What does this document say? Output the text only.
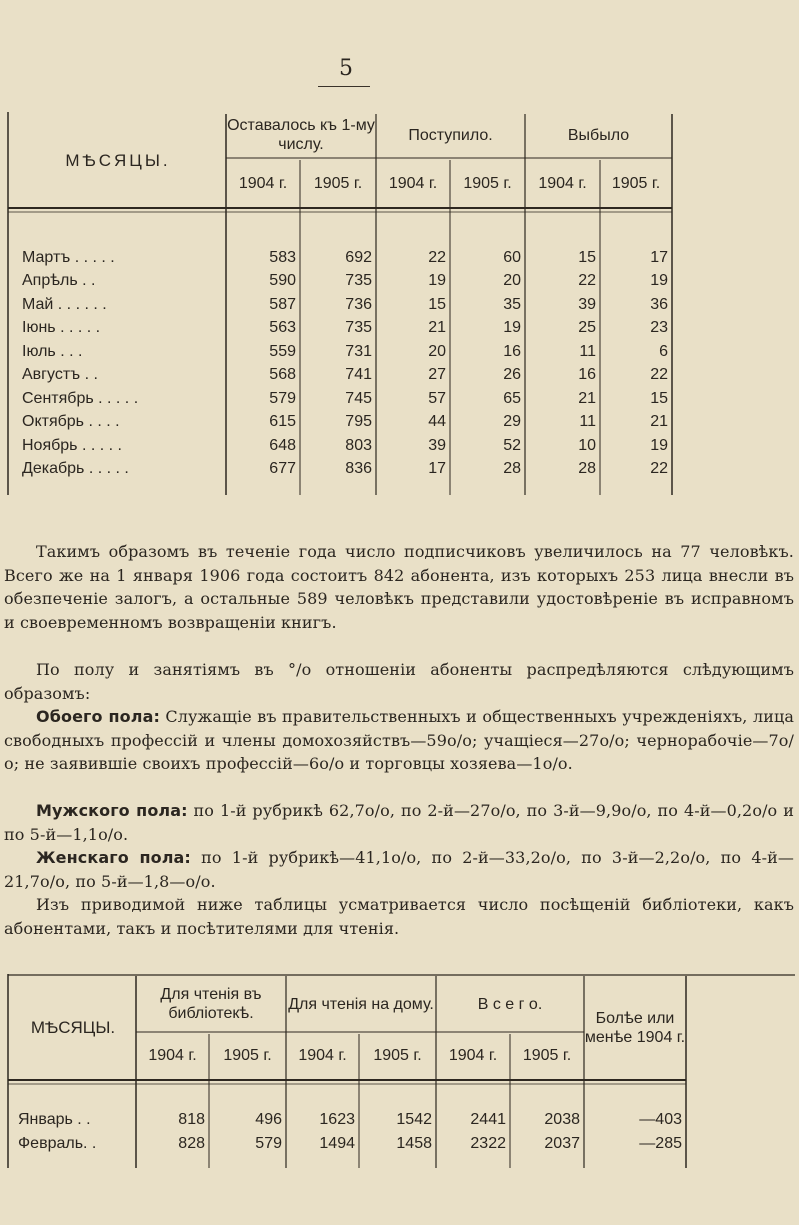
5
МѢСЯЦЫ.	Оставалось къ 1-му числу.		Поступило.		Выбыло	
	1904 г.	1905 г.	1904 г.	1905 г.	1904 г.	1905 г.

Мартъ . . . . .	583	692	22	60	15	17
Апрѣль . .	590	735	19	20	22	19
Май . . . . . .	587	736	15	35	39	36
Іюнь . . . . .	563	735	21	19	25	23
Іюль . . .	559	731	20	16	11	6
Августъ . .	568	741	27	26	16	22
Сентябрь . . . . .	579	745	57	65	21	15
Октябрь . . . .	615	795	44	29	11	21
Ноябрь . . . . .	648	803	39	52	10	19
Декабрь . . . . .	677	836	17	28	28	22
Такимъ образомъ въ теченіе года число подписчиковъ увеличилось на 77 человѣкъ. Всего же на 1 января 1906 года состоитъ 842 абонента, изъ которыхъ 253 лица внесли въ обезпеченіе залогъ, а остальные 589 человѣкъ представили удостовѣреніе въ исправномъ и своевременномъ возвращеніи книгъ.
По полу и занятіямъ въ °/о отношеніи абоненты распредѣляются слѣдующимъ образомъ:
Обоего пола: Служащіе въ правительственныхъ и общественныхъ учрежденіяхъ, лица свободныхъ профессій и члены домохозяйствъ—59о/о; учащіеся—27о/о; чернорабочіе—7о/о; не заявившіе своихъ профессій—6о/о и торговцы хозяева—1о/о.
Мужского пола: по 1-й рубрикѣ 62,7о/о, по 2-й—27о/о, по 3-й—9,9о/о, по 4-й—0,2о/о и по 5-й—1,1о/о.
Женскаго пола: по 1-й рубрикѣ—41,1о/о, по 2-й—33,2о/о, по 3-й—2,2о/о, по 4-й—21,7о/о, по 5-й—1,8—о/о.
Изъ приводимой ниже таблицы усматривается число посѣщеній библіотеки, какъ абонентами, такъ и посѣтителями для чтенія.
МѢСЯЦЫ.	Для чтенія въ библіотекѣ.		Для чтенія на дому.		В с е г о.		Болѣе или менѣе 1904 г.
	1904 г.	1905 г.	1904 г.	1905 г.	1904 г.	1905 г.	

Январь . .	818	496	1623	1542	2441	2038	—403
Февраль. .	828	579	1494	1458	2322	2037	—285
